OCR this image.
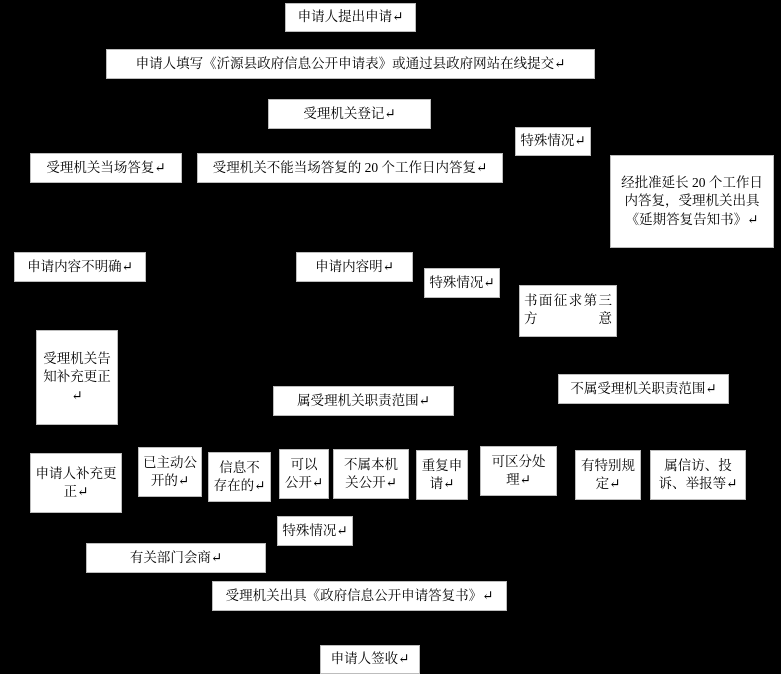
申请人提出申请↵
申请人填写《沂源县政府信息公开申请表》或通过县政府网站在线提交↵
受理机关登记↵
特殊情况↵
受理机关当场答复↵	受理机关不能当场答复的 20 个工作日内答复↵
经批准延长 20 个工作日内答复，受理机关出具《延期答复告知书》↵
申请内容不明确↵	申请内容明↵
特殊情况↵
书面征求第三方意
受理机关告知补充更正↵	属受理机关职责范围↵
不属受理机关职责范围↵
申请人补充更正↵
已主动公开的↵
信息不存在的↵
可以公开↵
不属本机关公开↵
重复申请↵
可区分处理↵
有特别规定↵
属信访、投诉、举报等↵
特殊情况↵
有关部门会商↵
受理机关出具《政府信息公开申请答复书》↵
申请人签收↵
